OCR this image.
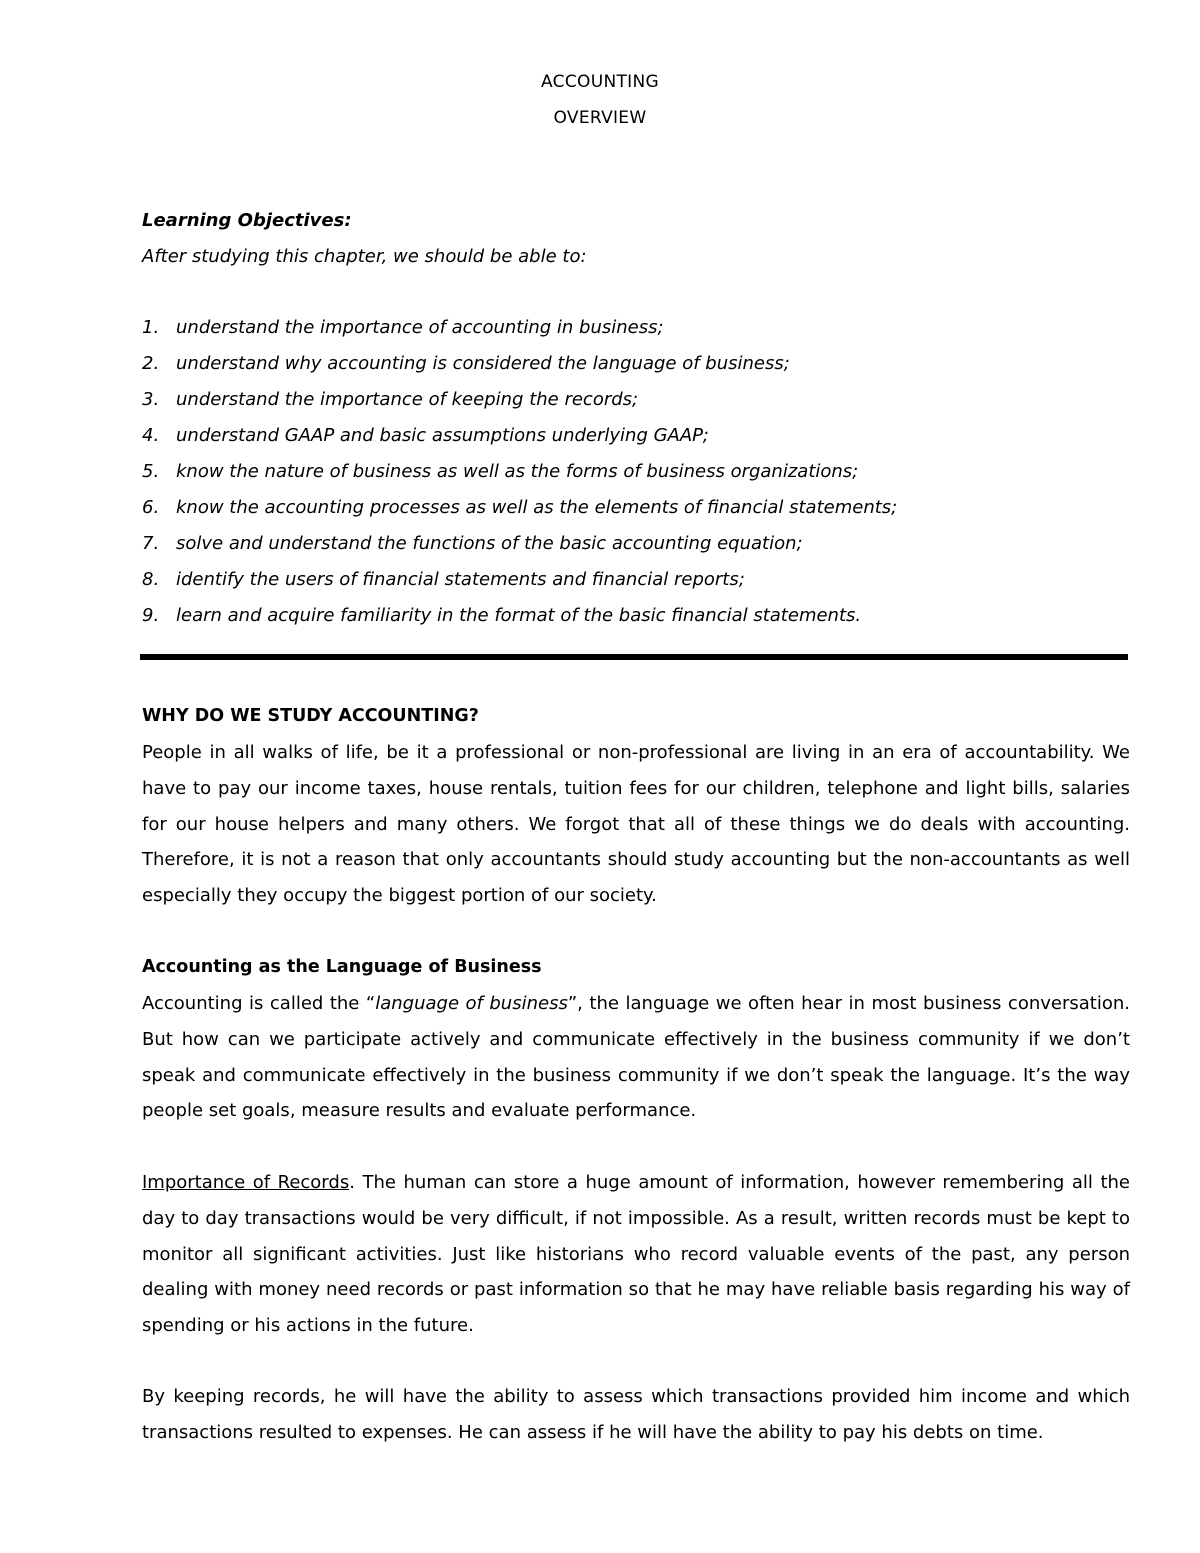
ACCOUNTING
OVERVIEW
Learning Objectives:
After studying this chapter, we should be able to:
1. understand the importance of accounting in business;
2. understand why accounting is considered the language of business;
3. understand the importance of keeping the records;
4. understand GAAP and basic assumptions underlying GAAP;
5. know the nature of business as well as the forms of business organizations;
6. know the accounting processes as well as the elements of financial statements;
7. solve and understand the functions of the basic accounting equation;
8. identify the users of financial statements and financial reports;
9. learn and acquire familiarity in the format of the basic financial statements.
WHY DO WE STUDY ACCOUNTING?

People in all walks of life, be it a professional or non-professional are living in an era of accountability. We have to pay our income taxes, house rentals, tuition fees for our children, telephone and light bills, salaries for our house helpers and many others. We forgot that all of these things we do deals with accounting. Therefore, it is not a reason that only accountants should study accounting but the non-accountants as well especially they occupy the biggest portion of our society.

Accounting as the Language of Business

Accounting is called the “language of business”, the language we often hear in most business conversation. But how can we participate actively and communicate effectively in the business community if we don’t speak and communicate effectively in the business community if we don’t speak the language. It’s the way people set goals, measure results and evaluate performance.

Importance of Records. The human can store a huge amount of information, however remembering all the day to day transactions would be very difficult, if not impossible. As a result, written records must be kept to monitor all significant activities. Just like historians who record valuable events of the past, any person dealing with money need records or past information so that he may have reliable basis regarding his way of spending or his actions in the future.

By keeping records, he will have the ability to assess which transactions provided him income and which transactions resulted to expenses. He can assess if he will have the ability to pay his debts on time.
